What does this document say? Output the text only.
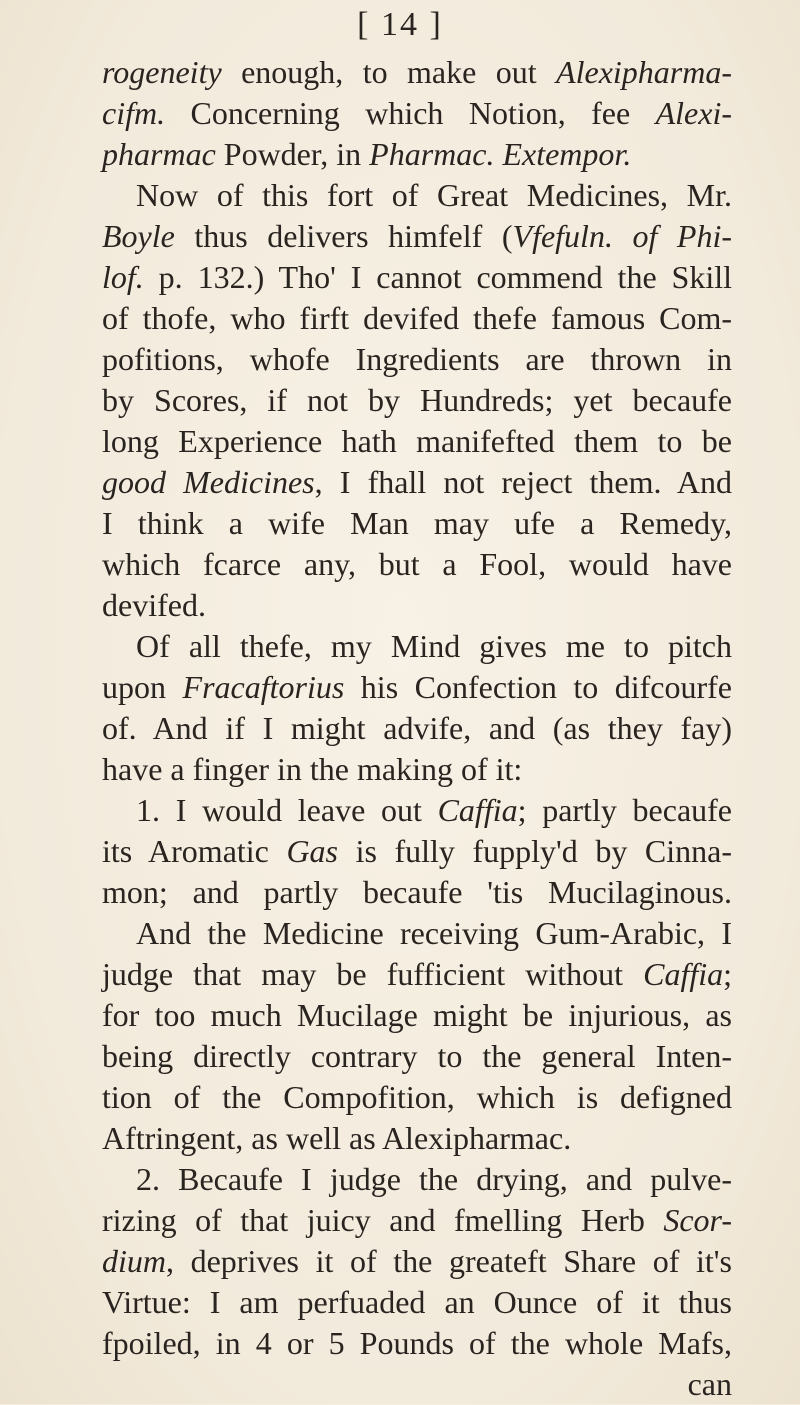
[ 14 ]
rogeneity enough, to make out Alexipharma-
cifm. Concerning which Notion, fee Alexi-
pharmac Powder, in Pharmac. Extempor.
Now of this fort of Great Medicines, Mr.
Boyle thus delivers himfelf (Vfefuln. of Phi-
lof. p. 132.) Tho' I cannot commend the Skill
of thofe, who firft devifed thefe famous Com-
pofitions, whofe Ingredients are thrown in
by Scores, if not by Hundreds; yet becaufe
long Experience hath manifefted them to be
good Medicines, I fhall not reject them. And
I think a wife Man may ufe a Remedy,
which fcarce any, but a Fool, would have
devifed.
Of all thefe, my Mind gives me to pitch
upon Fracaftorius his Confection to difcourfe
of. And if I might advife, and (as they fay)
have a finger in the making of it:
1. I would leave out Caffia; partly becaufe
its Aromatic Gas is fully fupply'd by Cinna-
mon; and partly becaufe 'tis Mucilaginous.
And the Medicine receiving Gum-Arabic, I
judge that may be fufficient without Caffia;
for too much Mucilage might be injurious, as
being directly contrary to the general Inten-
tion of the Compofition, which is defigned
Aftringent, as well as Alexipharmac.
2. Becaufe I judge the drying, and pulve-
rizing of that juicy and fmelling Herb Scor-
dium, deprives it of the greateft Share of it's
Virtue: I am perfuaded an Ounce of it thus
fpoiled, in 4 or 5 Pounds of the whole Mafs,
can
